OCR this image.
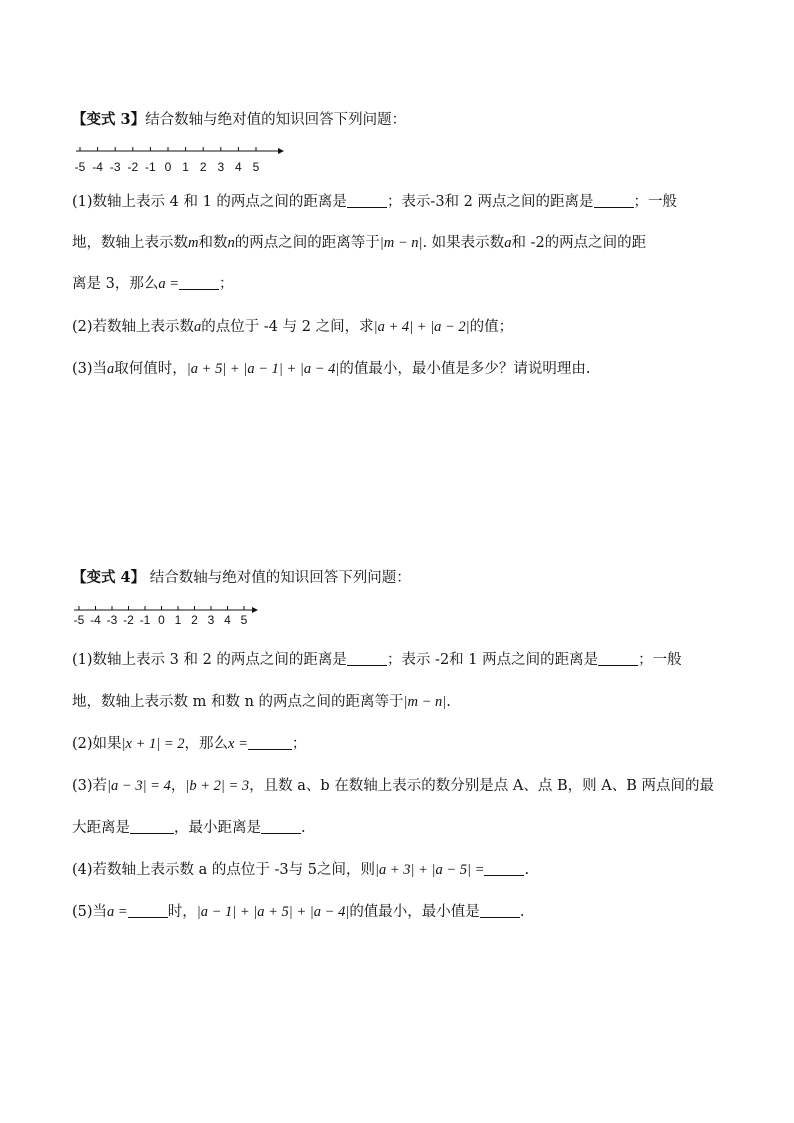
【变式 3】结合数轴与绝对值的知识回答下列问题：
-5 -4 -3 -2 -1 0 1 2 3 4 5
(1)数轴上表示 4 和 1 的两点之间的距离是	；表示-3和 2 两点之间的距离是	；一般
地，数轴上表示数m和数n的两点之间的距离等于|m − n|. 如果表示数a和 -2的两点之间的距
离是 3，那么a =	；
(2)若数轴上表示数a的点位于 -4 与 2 之间，求|a + 4| + |a − 2|的值；
(3)当a取何值时，|a + 5| + |a − 1| + |a − 4|的值最小，最小值是多少？请说明理由.
【变式 4】 结合数轴与绝对值的知识回答下列问题：
-5 -4 -3 -2 -1 0 1 2 3 4 5
(1)数轴上表示 3 和 2 的两点之间的距离是	；表示 -2和 1 两点之间的距离是	；一般
地，数轴上表示数 m 和数 n 的两点之间的距离等于|m − n|.
(2)如果|x + 1| = 2，那么x =	；
(3)若|a − 3| = 4，|b + 2| = 3，且数 a、b 在数轴上表示的数分别是点 A、点 B，则 A、B 两点间的最
大距离是	，最小距离是	.
(4)若数轴上表示数 a 的点位于 -3与 5之间，则|a + 3| + |a − 5| =	.
(5)当a =	时，|a − 1| + |a + 5| + |a − 4|的值最小，最小值是	.
